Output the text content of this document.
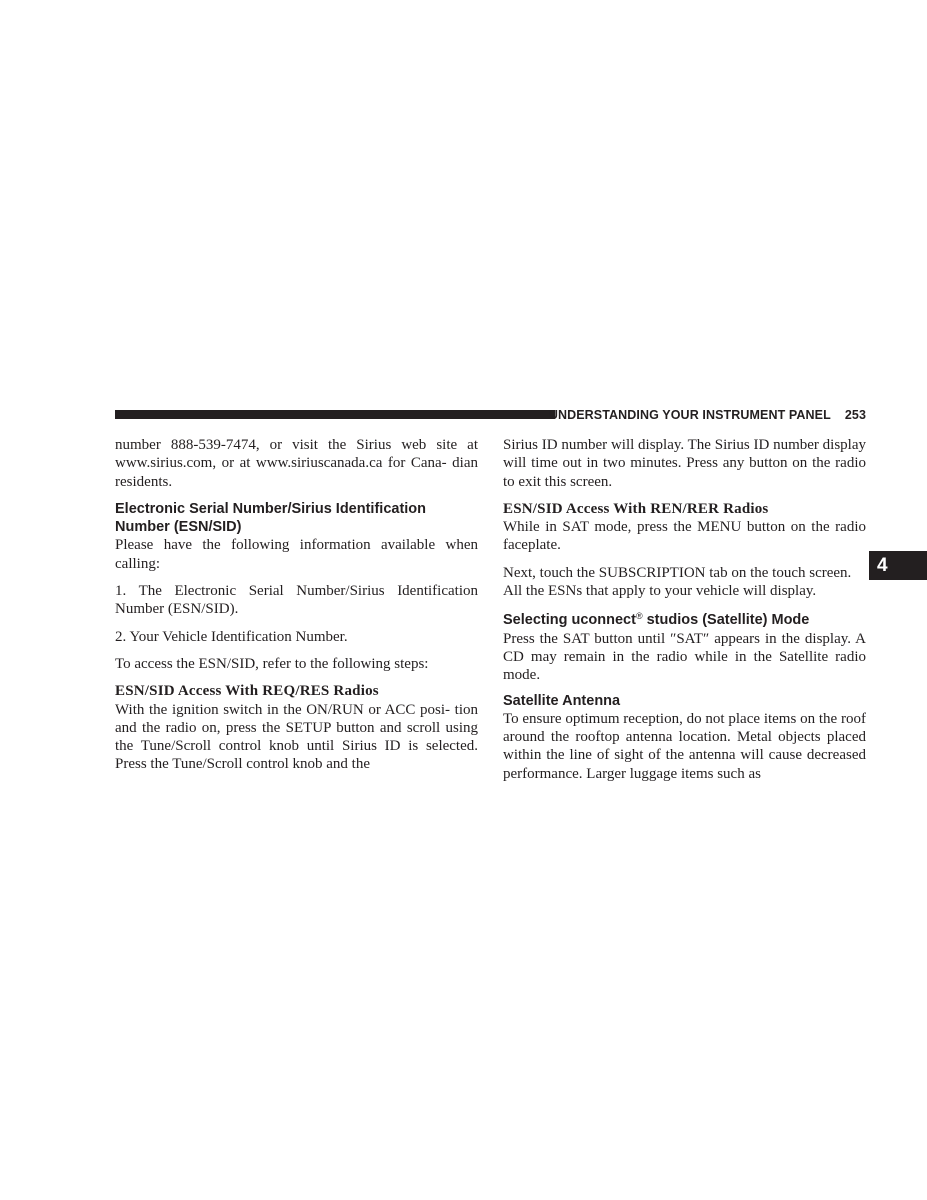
UNDERSTANDING YOUR INSTRUMENT PANEL 253
4

number 888-539-7474, or visit the Sirius web site at www.sirius.com, or at www.siriuscanada.ca for Cana- dian residents.

Electronic Serial Number/Sirius Identification
Number (ESN/SID)

Please have the following information available when calling:

1. The Electronic Serial Number/Sirius Identification Number (ESN/SID).

2. Your Vehicle Identification Number.

To access the ESN/SID, refer to the following steps:

ESN/SID Access With REQ/RES Radios

With the ignition switch in the ON/RUN or ACC posi- tion and the radio on, press the SETUP button and scroll using the Tune/Scroll control knob until Sirius ID is selected. Press the Tune/Scroll control knob and the

Sirius ID number will display. The Sirius ID number display will time out in two minutes. Press any button on the radio to exit this screen.

ESN/SID Access With REN/RER Radios

While in SAT mode, press the MENU button on the radio faceplate.

Next, touch the SUBSCRIPTION tab on the touch screen.
All the ESNs that apply to your vehicle will display.

Selecting uconnect® studios (Satellite) Mode

Press the SAT button until ″SAT″ appears in the display. A CD may remain in the radio while in the Satellite radio mode.

Satellite Antenna

To ensure optimum reception, do not place items on the roof around the rooftop antenna location. Metal objects placed within the line of sight of the antenna will cause decreased performance. Larger luggage items such as
